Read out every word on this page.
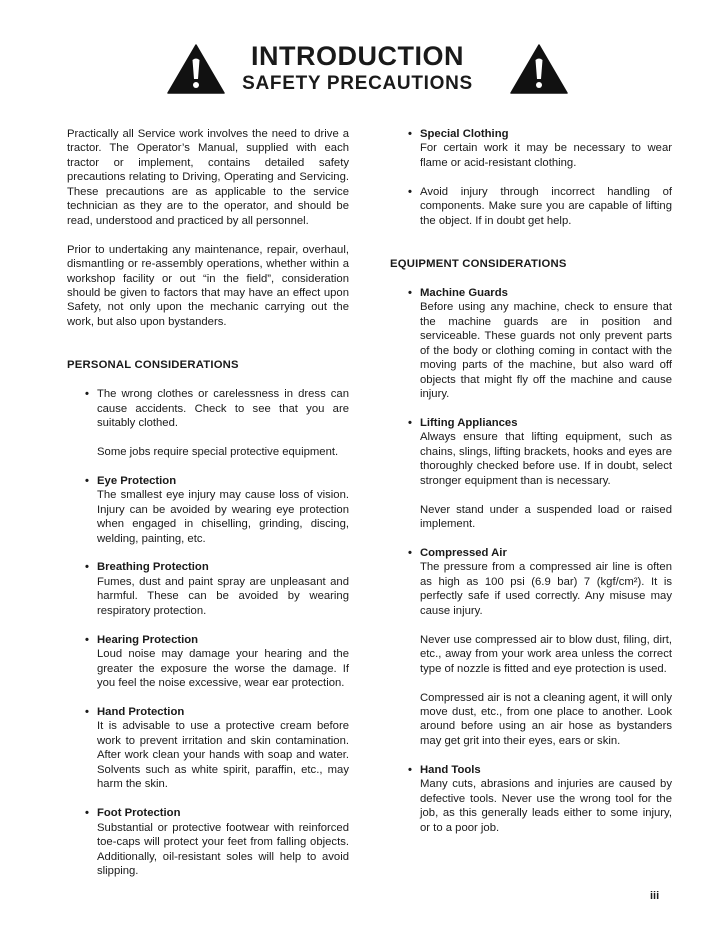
INTRODUCTION
SAFETY PRECAUTIONS

Practically all Service work involves the need to drive a tractor. The Operator’s Manual, supplied with each tractor or implement, contains detailed safety precautions relating to Driving, Operating and Servicing. These precautions are as applicable to the service technician as they are to the operator, and should be read, understood and practiced by all personnel.

Prior to undertaking any maintenance, repair, overhaul, dismantling or re-assembly operations, whether within a workshop facility or out “in the field”, consideration should be given to factors that may have an effect upon Safety, not only upon the mechanic carrying out the work, but also upon bystanders.

PERSONAL CONSIDERATIONS
• The wrong clothes or carelessness in dress can cause accidents. Check to see that you are suitably clothed.

Some jobs require special protective equipment.

• Eye Protection

The smallest eye injury may cause loss of vision. Injury can be avoided by wearing eye protection when engaged in chiselling, grinding, discing, welding, painting, etc.

• Breathing Protection

Fumes, dust and paint spray are unpleasant and harmful. These can be avoided by wearing respiratory protection.

• Hearing Protection

Loud noise may damage your hearing and the greater the exposure the worse the damage. If you feel the noise excessive, wear ear protection.

• Hand Protection

It is advisable to use a protective cream before work to prevent irritation and skin contamination. After work clean your hands with soap and water. Solvents such as white spirit, paraffin, etc., may harm the skin.

• Foot Protection

Substantial or protective footwear with reinforced toe-caps will protect your feet from falling objects. Additionally, oil-resistant soles will help to avoid slipping.

• Special Clothing

For certain work it may be necessary to wear flame or acid-resistant clothing.

• Avoid injury through incorrect handling of components. Make sure you are capable of lifting the object. If in doubt get help.

EQUIPMENT CONSIDERATIONS
• Machine Guards

Before using any machine, check to ensure that the machine guards are in position and serviceable. These guards not only prevent parts of the body or clothing coming in contact with the moving parts of the machine, but also ward off objects that might fly off the machine and cause injury.

• Lifting Appliances

Always ensure that lifting equipment, such as chains, slings, lifting brackets, hooks and eyes are thoroughly checked before use. If in doubt, select stronger equipment than is necessary.

Never stand under a suspended load or raised implement.

• Compressed Air

The pressure from a compressed air line is often as high as 100 psi (6.9 bar) 7 (kgf/cm²). It is perfectly safe if used correctly. Any misuse may cause injury.

Never use compressed air to blow dust, filing, dirt, etc., away from your work area unless the correct type of nozzle is fitted and eye protection is used.

Compressed air is not a cleaning agent, it will only move dust, etc., from one place to another. Look around before using an air hose as bystanders may get grit into their eyes, ears or skin.

• Hand Tools

Many cuts, abrasions and injuries are caused by defective tools. Never use the wrong tool for the job, as this generally leads either to some injury, or to a poor job.

iii
